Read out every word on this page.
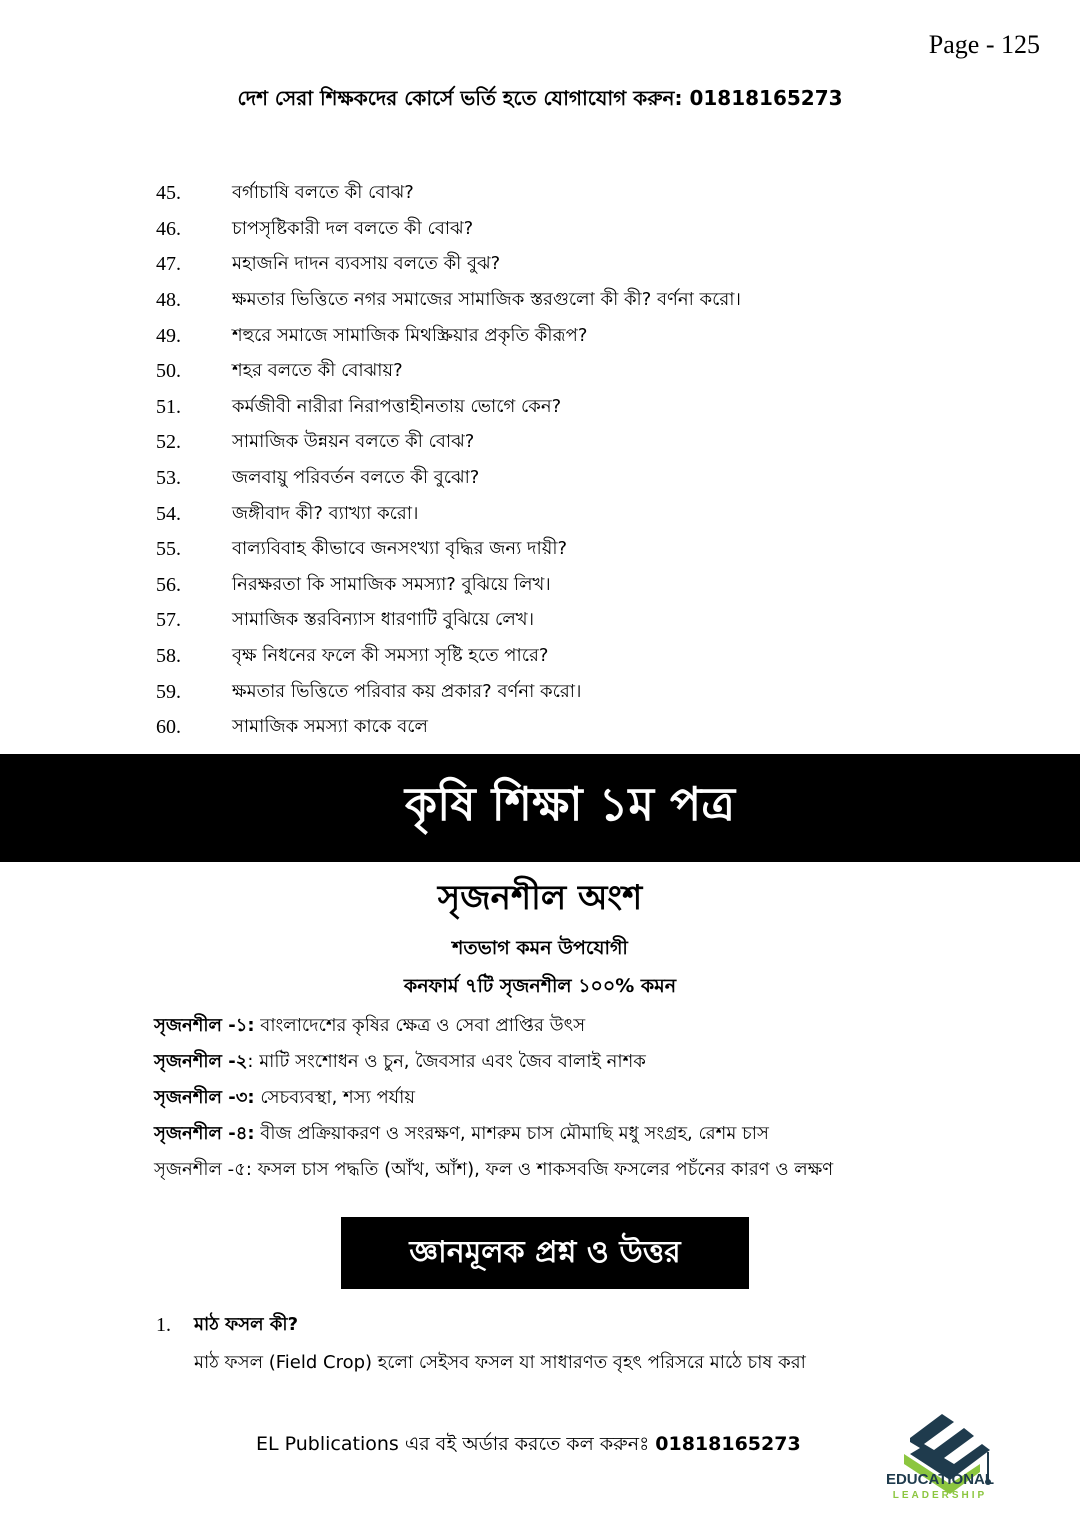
Page - 125
দেশ সেরা শিক্ষকদের কোর্সে ভর্তি হতে যোগাযোগ করুন: 01818165273
45.	বর্গাচাষি বলতে কী বোঝ?
46.	চাপসৃষ্টিকারী দল বলতে কী বোঝ?
47.	মহাজনি দাদন ব্যবসায় বলতে কী বুঝ?
48.	ক্ষমতার ভিত্তিতে নগর সমাজের সামাজিক স্তরগুলো কী কী? বর্ণনা করো।
49.	শহুরে সমাজে সামাজিক মিথস্ক্রিয়ার প্রকৃতি কীরূপ?
50.	শহর বলতে কী বোঝায়?
51.	কর্মজীবী নারীরা নিরাপত্তাহীনতায় ভোগে কেন?
52.	সামাজিক উন্নয়ন বলতে কী বোঝ?
53.	জলবায়ু পরিবর্তন বলতে কী বুঝো?
54.	জঙ্গীবাদ কী? ব্যাখ্যা করো।
55.	বাল্যবিবাহ কীভাবে জনসংখ্যা বৃদ্ধির জন্য দায়ী?
56.	নিরক্ষরতা কি সামাজিক সমস্যা? বুঝিয়ে লিখ।
57.	সামাজিক স্তরবিন্যাস ধারণাটি বুঝিয়ে লেখ।
58.	বৃক্ষ নিধনের ফলে কী সমস্যা সৃষ্টি হতে পারে?
59.	ক্ষমতার ভিত্তিতে পরিবার কয় প্রকার? বর্ণনা করো।
60.	সামাজিক সমস্যা কাকে বলে
কৃষি শিক্ষা ১ম পত্র
সৃজনশীল অংশ
শতভাগ কমন উপযোগী
কনফার্ম ৭টি সৃজনশীল ১০০% কমন
সৃজনশীল -১: বাংলাদেশের কৃষির ক্ষেত্র ও সেবা প্রাপ্তির উৎস
সৃজনশীল -২: মাটি সংশোধন ও চুন, জৈবসার এবং জৈব বালাই নাশক
সৃজনশীল -৩: সেচব্যবস্থা, শস্য পর্যায়
সৃজনশীল -৪: বীজ প্রক্রিয়াকরণ ও সংরক্ষণ, মাশরুম চাস মৌমাছি মধু সংগ্রহ, রেশম চাস
সৃজনশীল -৫: ফসল চাস পদ্ধতি (আঁখ, আঁশ), ফল ও শাকসবজি ফসলের পচঁনের কারণ ও লক্ষণ
জ্ঞানমূলক প্রশ্ন ও উত্তর
1.	মাঠ ফসল কী?
মাঠ ফসল (Field Crop) হলো সেইসব ফসল যা সাধারণত বৃহৎ পরিসরে মাঠে চাষ করা
EL Publications এর বই অর্ডার করতে কল করুনঃ 01818165273
EDUCATIONAL
LEADERSHIP
